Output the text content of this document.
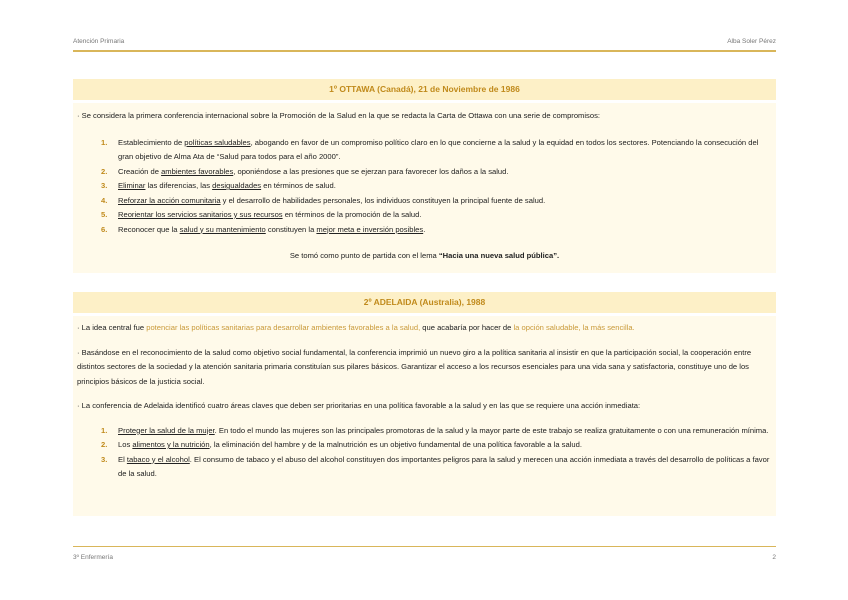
Atención Primaria	Alba Soler Pérez
1º OTTAWA (Canadá), 21 de Noviembre de 1986

· Se considera la primera conferencia internacional sobre la Promoción de la Salud en la que se redacta la Carta de Ottawa con una serie de compromisos:

1. Establecimiento de políticas saludables, abogando en favor de un compromiso político claro en lo que concierne a la salud y la equidad en todos los sectores. Potenciando la consecución del gran objetivo de Alma Ata de “Salud para todos para el año 2000”.
2. Creación de ambientes favorables, oponiéndose a las presiones que se ejerzan para favorecer los daños a la salud.
3. Eliminar las diferencias, las desigualdades en términos de salud.
4. Reforzar la acción comunitaria y el desarrollo de habilidades personales, los individuos constituyen la principal fuente de salud.
5. Reorientar los servicios sanitarios y sus recursos en términos de la promoción de la salud.
6. Reconocer que la salud y su mantenimiento constituyen la mejor meta e inversión posibles.

Se tomó como punto de partida con el lema “Hacia una nueva salud pública”.

2º ADELAIDA (Australia), 1988

· La idea central fue potenciar las políticas sanitarias para desarrollar ambientes favorables a la salud, que acabaría por hacer de la opción saludable, la más sencilla.

· Basándose en el reconocimiento de la salud como objetivo social fundamental, la conferencia imprimió un nuevo giro a la política sanitaria al insistir en que la participación social, la cooperación entre distintos sectores de la sociedad y la atención sanitaria primaria constituían sus pilares básicos. Garantizar el acceso a los recursos esenciales para una vida sana y satisfactoria, constituye uno de los principios básicos de la justicia social.

· La conferencia de Adelaida identificó cuatro áreas claves que deben ser prioritarias en una política favorable a la salud y en las que se requiere una acción inmediata:

1. Proteger la salud de la mujer. En todo el mundo las mujeres son las principales promotoras de la salud y la mayor parte de este trabajo se realiza gratuitamente o con una remuneración mínima.
2. Los alimentos y la nutrición, la eliminación del hambre y de la malnutrición es un objetivo fundamental de una política favorable a la salud.
3. El tabaco y el alcohol. El consumo de tabaco y el abuso del alcohol constituyen dos importantes peligros para la salud y merecen una acción inmediata a través del desarrollo de políticas a favor de la salud.
3º Enfermería	2
